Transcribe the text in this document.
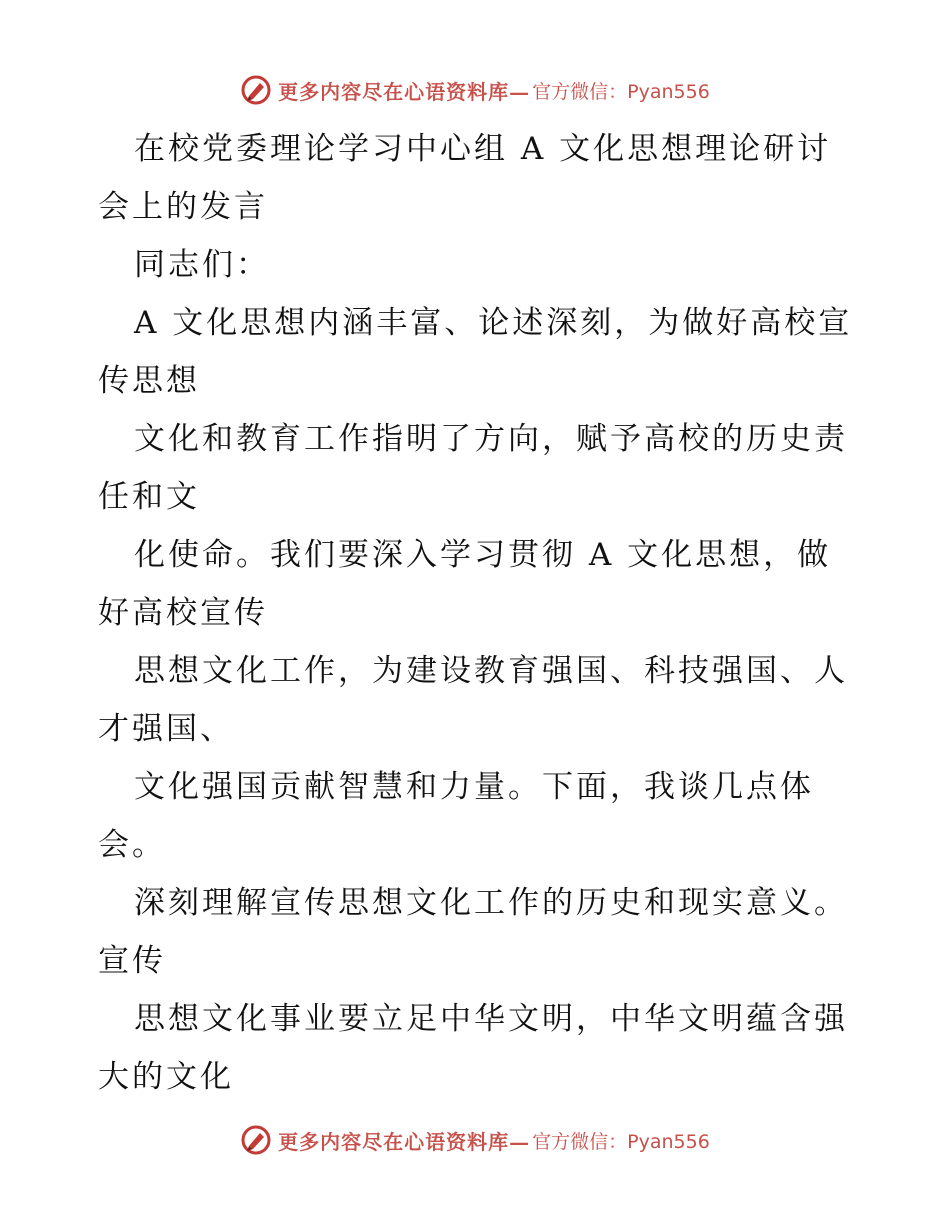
更多内容尽在心语资料库— 官方微信：Pyan556

在校党委理论学习中心组 A 文化思想理论研讨

会上的发言

同志们：

A 文化思想内涵丰富、论述深刻，为做好高校宣

传思想

文化和教育工作指明了方向，赋予高校的历史责

任和文

化使命。我们要深入学习贯彻 A 文化思想，做

好高校宣传

思想文化工作，为建设教育强国、科技强国、人

才强国、

文化强国贡献智慧和力量。下面，我谈几点体

会。

深刻理解宣传思想文化工作的历史和现实意义。

宣传

思想文化事业要立足中华文明，中华文明蕴含强

大的文化

更多内容尽在心语资料库— 官方微信：Pyan556
